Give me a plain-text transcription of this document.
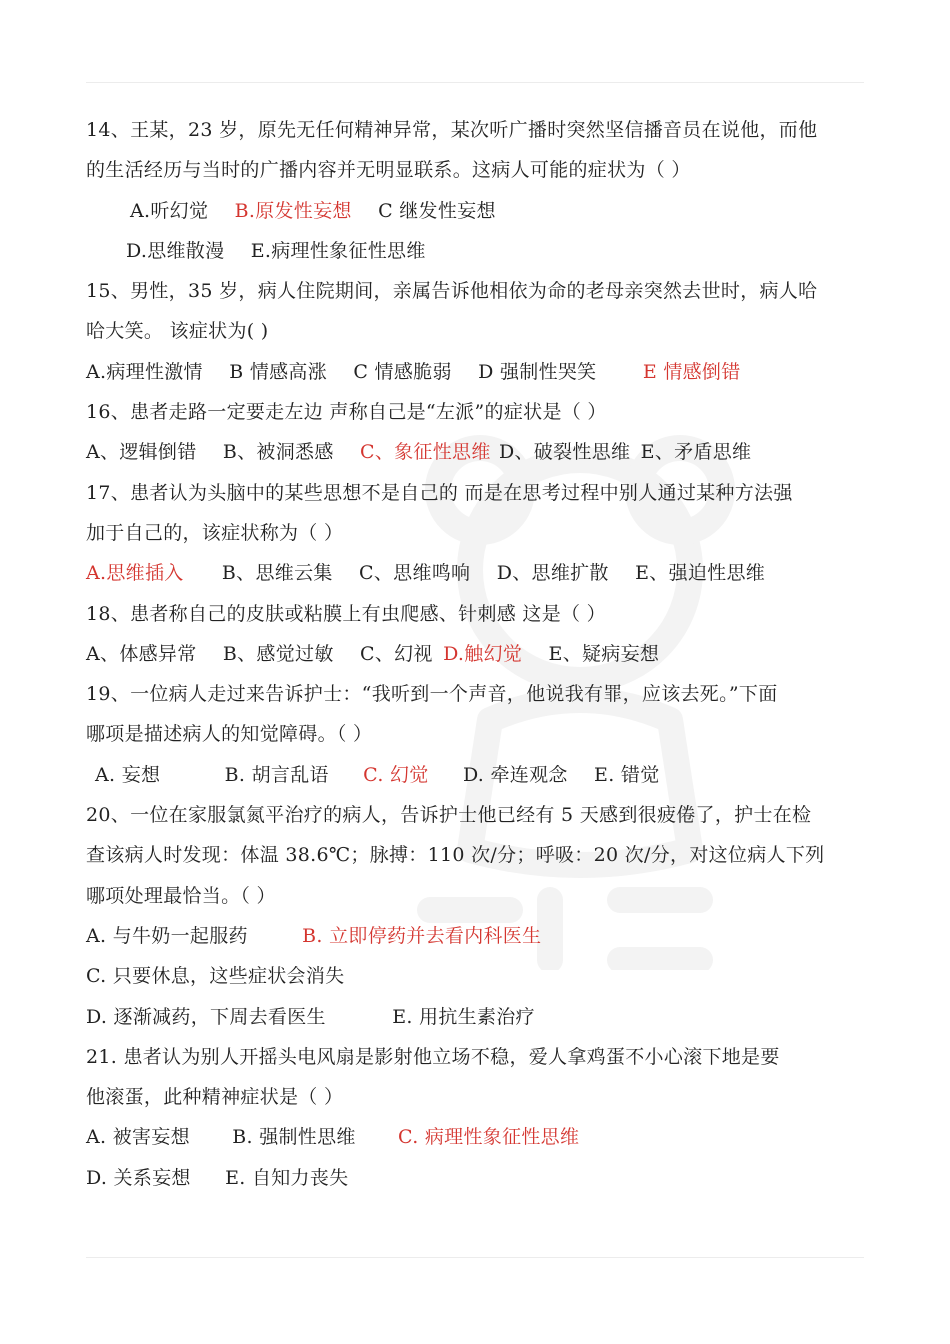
14、王某，23 岁，原先无任何精神异常，某次听广播时突然坚信播音员在说他，而他
的生活经历与当时的广播内容并无明显联系。这病人可能的症状为（ ）
A.听幻觉 B.原发性妄想 C 继发性妄想
D.思维散漫 E.病理性象征性思维
15、男性，35 岁，病人住院期间，亲属告诉他相依为命的老母亲突然去世时，病人哈
哈大笑。 该症状为( )
A.病理性激情 B 情感高涨 C 情感脆弱 D 强制性哭笑 E 情感倒错
16、患者走路一定要走左边 声称自己是“左派”的症状是（ ）
A、逻辑倒错 B、被洞悉感 C、象征性思维 D、破裂性思维 E、矛盾思维
17、患者认为头脑中的某些思想不是自己的 而是在思考过程中别人通过某种方法强
加于自己的，该症状称为（ ）
A.思维插入 B、思维云集 C、思维鸣响 D、思维扩散 E、强迫性思维
18、患者称自己的皮肤或粘膜上有虫爬感、针刺感 这是（ ）
A、体感异常 B、感觉过敏 C、幻视 D.触幻觉 E、疑病妄想
19、一位病人走过来告诉护士：“我听到一个声音，他说我有罪，应该去死。”下面
哪项是描述病人的知觉障碍。（ ）
A. 妄想	B. 胡言乱语 C. 幻觉 D. 牵连观念 E. 错觉
20、一位在家服氯氮平治疗的病人，告诉护士他已经有 5 天感到很疲倦了，护士在检
查该病人时发现：体温 38.6℃；脉搏：110 次/分；呼吸：20 次/分，对这位病人下列
哪项处理最恰当。（ ）
A. 与牛奶一起服药	B. 立即停药并去看内科医生
C. 只要休息，这些症状会消失
D. 逐渐减药，下周去看医生	E. 用抗生素治疗
21. 患者认为别人开摇头电风扇是影射他立场不稳，爱人拿鸡蛋不小心滚下地是要
他滚蛋，此种精神症状是（ ）
A. 被害妄想 B. 强制性思维 C. 病理性象征性思维
D. 关系妄想 E. 自知力丧失
